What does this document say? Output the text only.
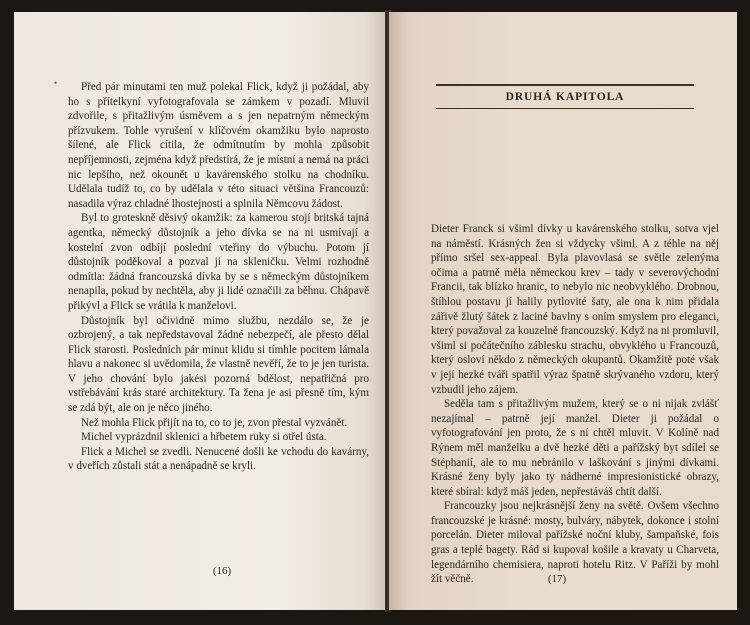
•	Před pár minutami ten muž polekal Flick, když ji požádal, aby ho s přítelkyní vyfotografovala se zámkem v pozadí. Mluvil zdvořile, s přitažlivým úsměvem a s jen nepatrným německým přízvukem. Tohle vyrušení v klíčovém okamžiku bylo naprosto šílené, ale Flick cítila, že odmítnutím by mohla způsobit nepříjemnosti, zejména když předstírá, že je místní a nemá na práci nic lepšího, než okounět u kavárenského stolku na chodníku. Udělala tudíž to, co by udělala v této situaci většina Francouzů: nasadila výraz chladné lhostejnosti a splnila Němcovu žádost.

Byl to groteskně děsivý okamžik: za kamerou stojí britská tajná agentka, německý důstojník a jeho dívka se na ni usmívají a kostelní zvon odbíjí poslední vteřiny do výbuchu. Potom jí důstojník poděkoval a pozval ji na skleničku. Velmi rozhodně odmítla: žádná francouzská dívka by se s německým důstojníkem nenapila, pokud by nechtěla, aby ji lidé označili za běhnu. Chápavě přikývl a Flick se vrátila k manželovi.

Důstojník byl očividně mimo službu, nezdálo se, že je ozbrojený, a tak nepředstavoval žádné nebezpečí, ale přesto dělal Flick starosti. Posledních pár minut klidu si tímhle pocitem lámala hlavu a nakonec si uvědomila, že vlastně nevěří, že to je jen turista. V jeho chování bylo jakési pozorná bdělost, nepatřičná pro vstřebávání krás staré architektury. Ta žena je asi přesně tím, kým se zdá být, ale on je něco jiného.

Než mohla Flick přijít na to, co to je, zvon přestal vyzvánět.

Michel vyprázdnil sklenici a hřbetem ruky si otřel ústa.

Flick a Michel se zvedli. Nenucené došli ke vchodu do kavárny, v dveřích zůstali stát a nenápadně se kryli.

(16)
DRUHÁ KAPITOLA

Dieter Franck si všiml dívky u kavárenského stolku, sotva vjel na náměstí. Krásných žen si vždycky všiml. A z téhle na něj přímo sršel sex-appeal. Byla plavovlasá se světle zelenýma očima a patrně měla německou krev – tady v severovýchodní Francii, tak blízko hranic, to nebylo nic neobvyklého. Drobnou, štíhlou postavu jí halily pytlovité šaty, ale ona k nim přidala zářivě žlutý šátek z laciné bavlny s oním smyslem pro eleganci, který považoval za kouzelně francouzský. Když na ni promluvil, všiml si počátečního záblesku strachu, obvyklého u Francouzů, který osloví někdo z německých okupantů. Okamžitě poté však v její hezké tváři spatřil výraz špatně skrývaného vzdoru, který vzbudil jeho zájem.

Seděla tam s přitažlivým mužem, který se o ni nijak zvlášť nezajímal – patrně její manžel. Dieter ji požádal o vyfotografování jen proto, že s ní chtěl mluvit. V Kolíně nad Rýnem měl manželku a dvě hezké děti a pařížský byt sdílel se Stéphanií, ale to mu nebránilo v laškování s jinými dívkami. Krásné ženy byly jako ty nádherné impresionistické obrazy, které sbíral: když máš jeden, nepřestáváš chtít další.

Francouzky jsou nejkrásnější ženy na světě. Ovšem všechno francouzské je krásné: mosty, bulváry, nábytek, dokonce i stolní porcelán. Dieter miloval pařížské noční kluby, šampaňské, fois gras a teplé bagety. Rád si kupoval košile a kravaty u Charveta, legendárního chemisiera, naproti hotelu Ritz. V Paříži by mohl žít věčně.	(17)
